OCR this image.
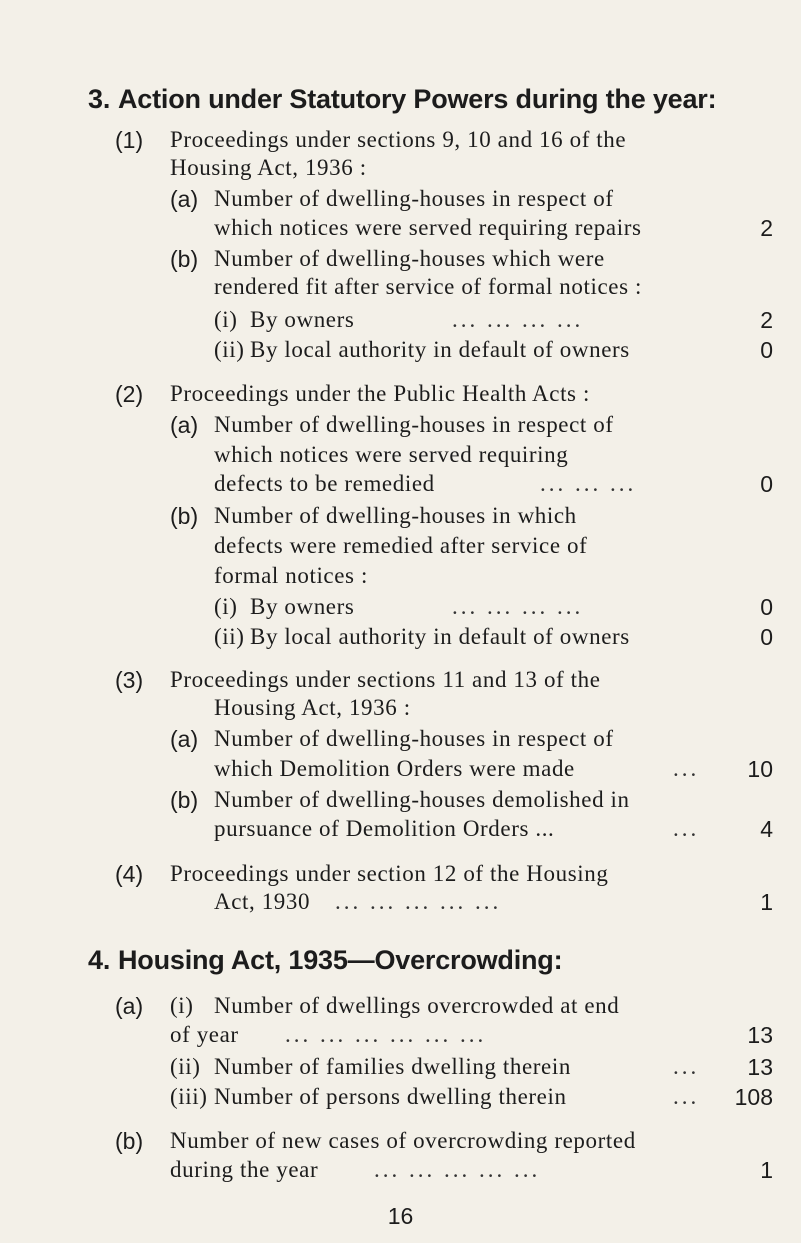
3. Action under Statutory Powers during the year:
(1) Proceedings under sections 9, 10 and 16 of the
Housing Act, 1936 :
(a) Number of dwelling-houses in respect of
which notices were served requiring repairs	2
(b) Number of dwelling-houses which were
rendered fit after service of formal notices :
(i) By owners	... ... ... ...	2
(ii) By local authority in default of owners	0
(2) Proceedings under the Public Health Acts :
(a) Number of dwelling-houses in respect of
which notices were served requiring
defects to be remedied	... ... ...	0
(b) Number of dwelling-houses in which
defects were remedied after service of
formal notices :
(i) By owners	... ... ... ...	0
(ii) By local authority in default of owners	0
(3) Proceedings under sections 11 and 13 of the
Housing Act, 1936 :
(a) Number of dwelling-houses in respect of
which Demolition Orders were made	... 10
(b) Number of dwelling-houses demolished in
pursuance of Demolition Orders ...	...	4
(4) Proceedings under section 12 of the Housing
Act, 1930 ... ... ... ... ...	1
4. Housing Act, 1935—Overcrowding:
(a) (i) Number of dwellings overcrowded at end
of year ... ... ... ... ... ...	13
(ii) Number of families dwelling therein	... 13
(iii) Number of persons dwelling therein	... 108
(b) Number of new cases of overcrowding reported
during the year ... ... ... ... ...	1
16
